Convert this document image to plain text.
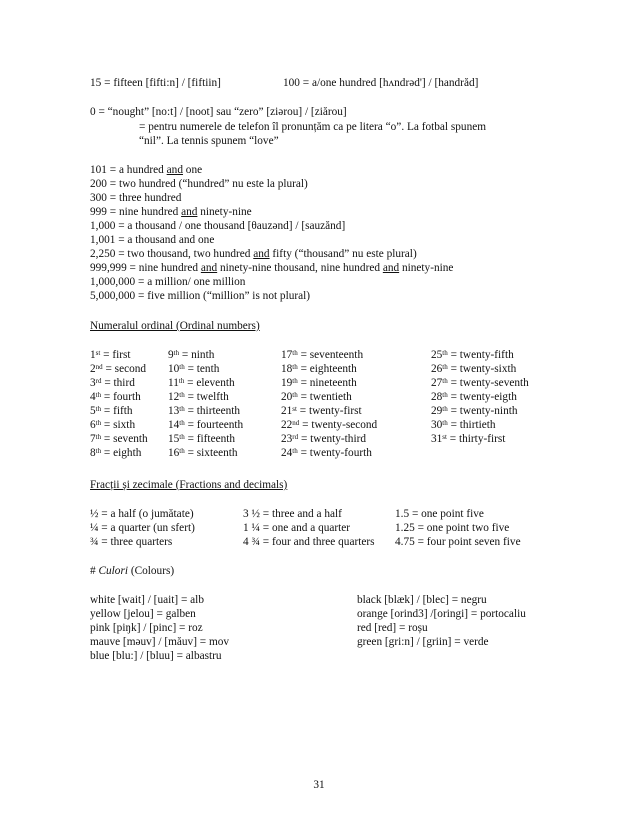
15 = fifteen [fifti:n] / [fiftiin]	100 = a/one hundred [hʌndrəd'] / [handrăd]
0 = “nought” [no:t] / [noot] sau “zero” [ziərou] / [ziărou]
= pentru numerele de telefon îl pronunțăm ca pe litera “o”. La fotbal spunem
“nil”. La tennis spunem “love”
101 = a hundred and one
200 = two hundred (“hundred” nu este la plural)
300 = three hundred
999 = nine hundred and ninety-nine
1,000 = a thousand / one thousand [θauzənd] / [sauzănd]
1,001 = a thousand and one
2,250 = two thousand, two hundred and fifty (“thousand” nu este plural)
999,999 = nine hundred and ninety-nine thousand, nine hundred and ninety-nine
1,000,000 = a million/ one million
5,000,000 = five million (“million” is not plural)
Numeralul ordinal (Ordinal numbers)
1st = first	9th = ninth	17th = seventeenth	25th = twenty-fifth
2nd = second 10th = tenth	18th = eighteenth	26th = twenty-sixth
3rd = third	11th = eleventh	19th = nineteenth	27th = twenty-seventh
4th = fourth 12th = twelfth	20th = twentieth	28th = twenty-eigth
5th = fifth	13th = thirteenth	21st = twenty-first	29th = twenty-ninth
6th = sixth	14th = fourteenth	22nd = twenty-second	30th = thirtieth
7th = seventh 15th = fifteenth	23rd = twenty-third	31st = thirty-first
8th = eighth 16th = sixteenth	24th = twenty-fourth
Fracții și zecimale (Fractions and decimals)
½ = a half (o jumătate)	3 ½ = three and a half	1.5 = one point five
¼ = a quarter (un sfert)	1 ¼ = one and a quarter	1.25 = one point two five
¾ = three quarters	4 ¾ = four and three quarters 4.75 = four point seven five
# Culori (Colours)
white [wait] / [uait] = alb	black [blæk] / [blec] = negru
yellow [jelou] = galben	orange [orind3] /[oringi] = portocaliu
pink [piŋk] / [pinc] = roz	red [red] = roșu
mauve [məuv] / [măuv] = mov	green [gri:n] / [griin] = verde
blue [blu:] / [bluu] = albastru
31
